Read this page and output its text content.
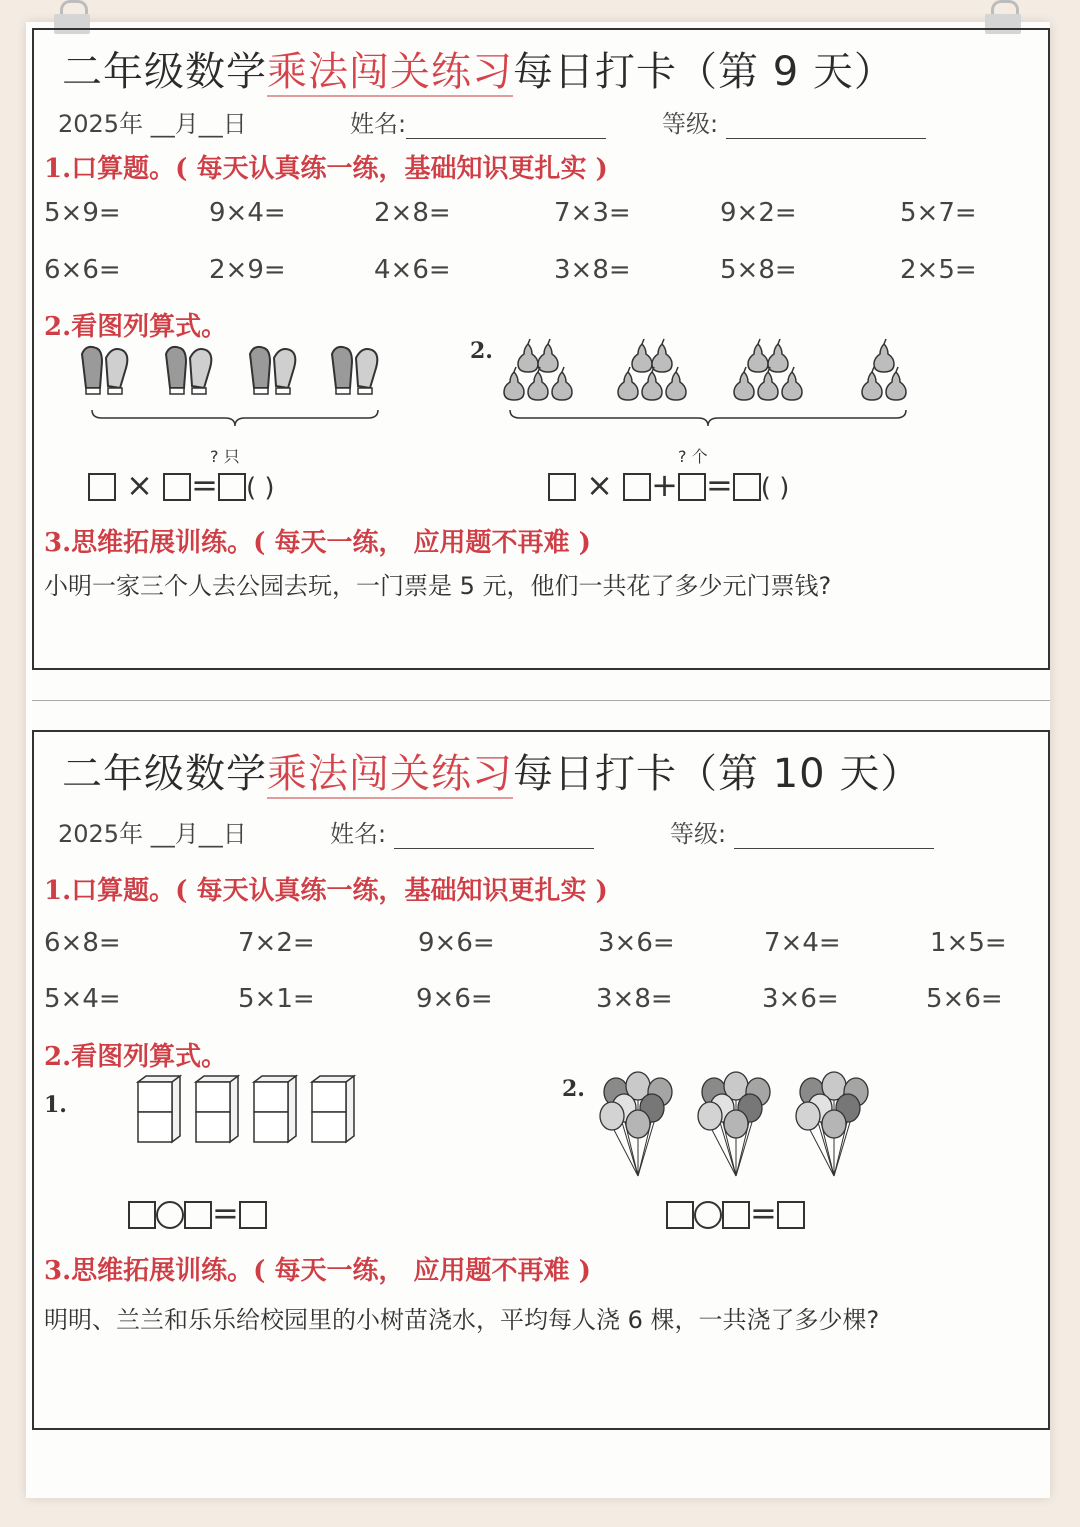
二年级数学乘法闯关练习每日打卡（第 9 天）
2025年 __月__日	姓名:	等级:
1.口算题。( 每天认真练一练，基础知识更扎实 )
5×9=	9×4=	2×8=	7×3=	9×2=	5×7=
6×6=	2×9=	4×6=	3×8=	5×8=	2×5=
2.看图列算式。
? 只
× = ( )
2.
? 个
× + = ( )
3.思维拓展训练。( 每天一练， 应用题不再难 )
小明一家三个人去公园去玩，一门票是 5 元，他们一共花了多少元门票钱?
二年级数学乘法闯关练习每日打卡（第 10 天）
2025年 __月__日	姓名:	等级:
1.口算题。( 每天认真练一练，基础知识更扎实 )
6×8=	7×2=	9×6=	3×6=	7×4=	1×5=
5×4=	5×1=	9×6=	3×8=	3×6=	5×6=
2.看图列算式。
1.
=
2.
=
3.思维拓展训练。( 每天一练， 应用题不再难 )
明明、兰兰和乐乐给校园里的小树苗浇水，平均每人浇 6 棵，一共浇了多少棵?
